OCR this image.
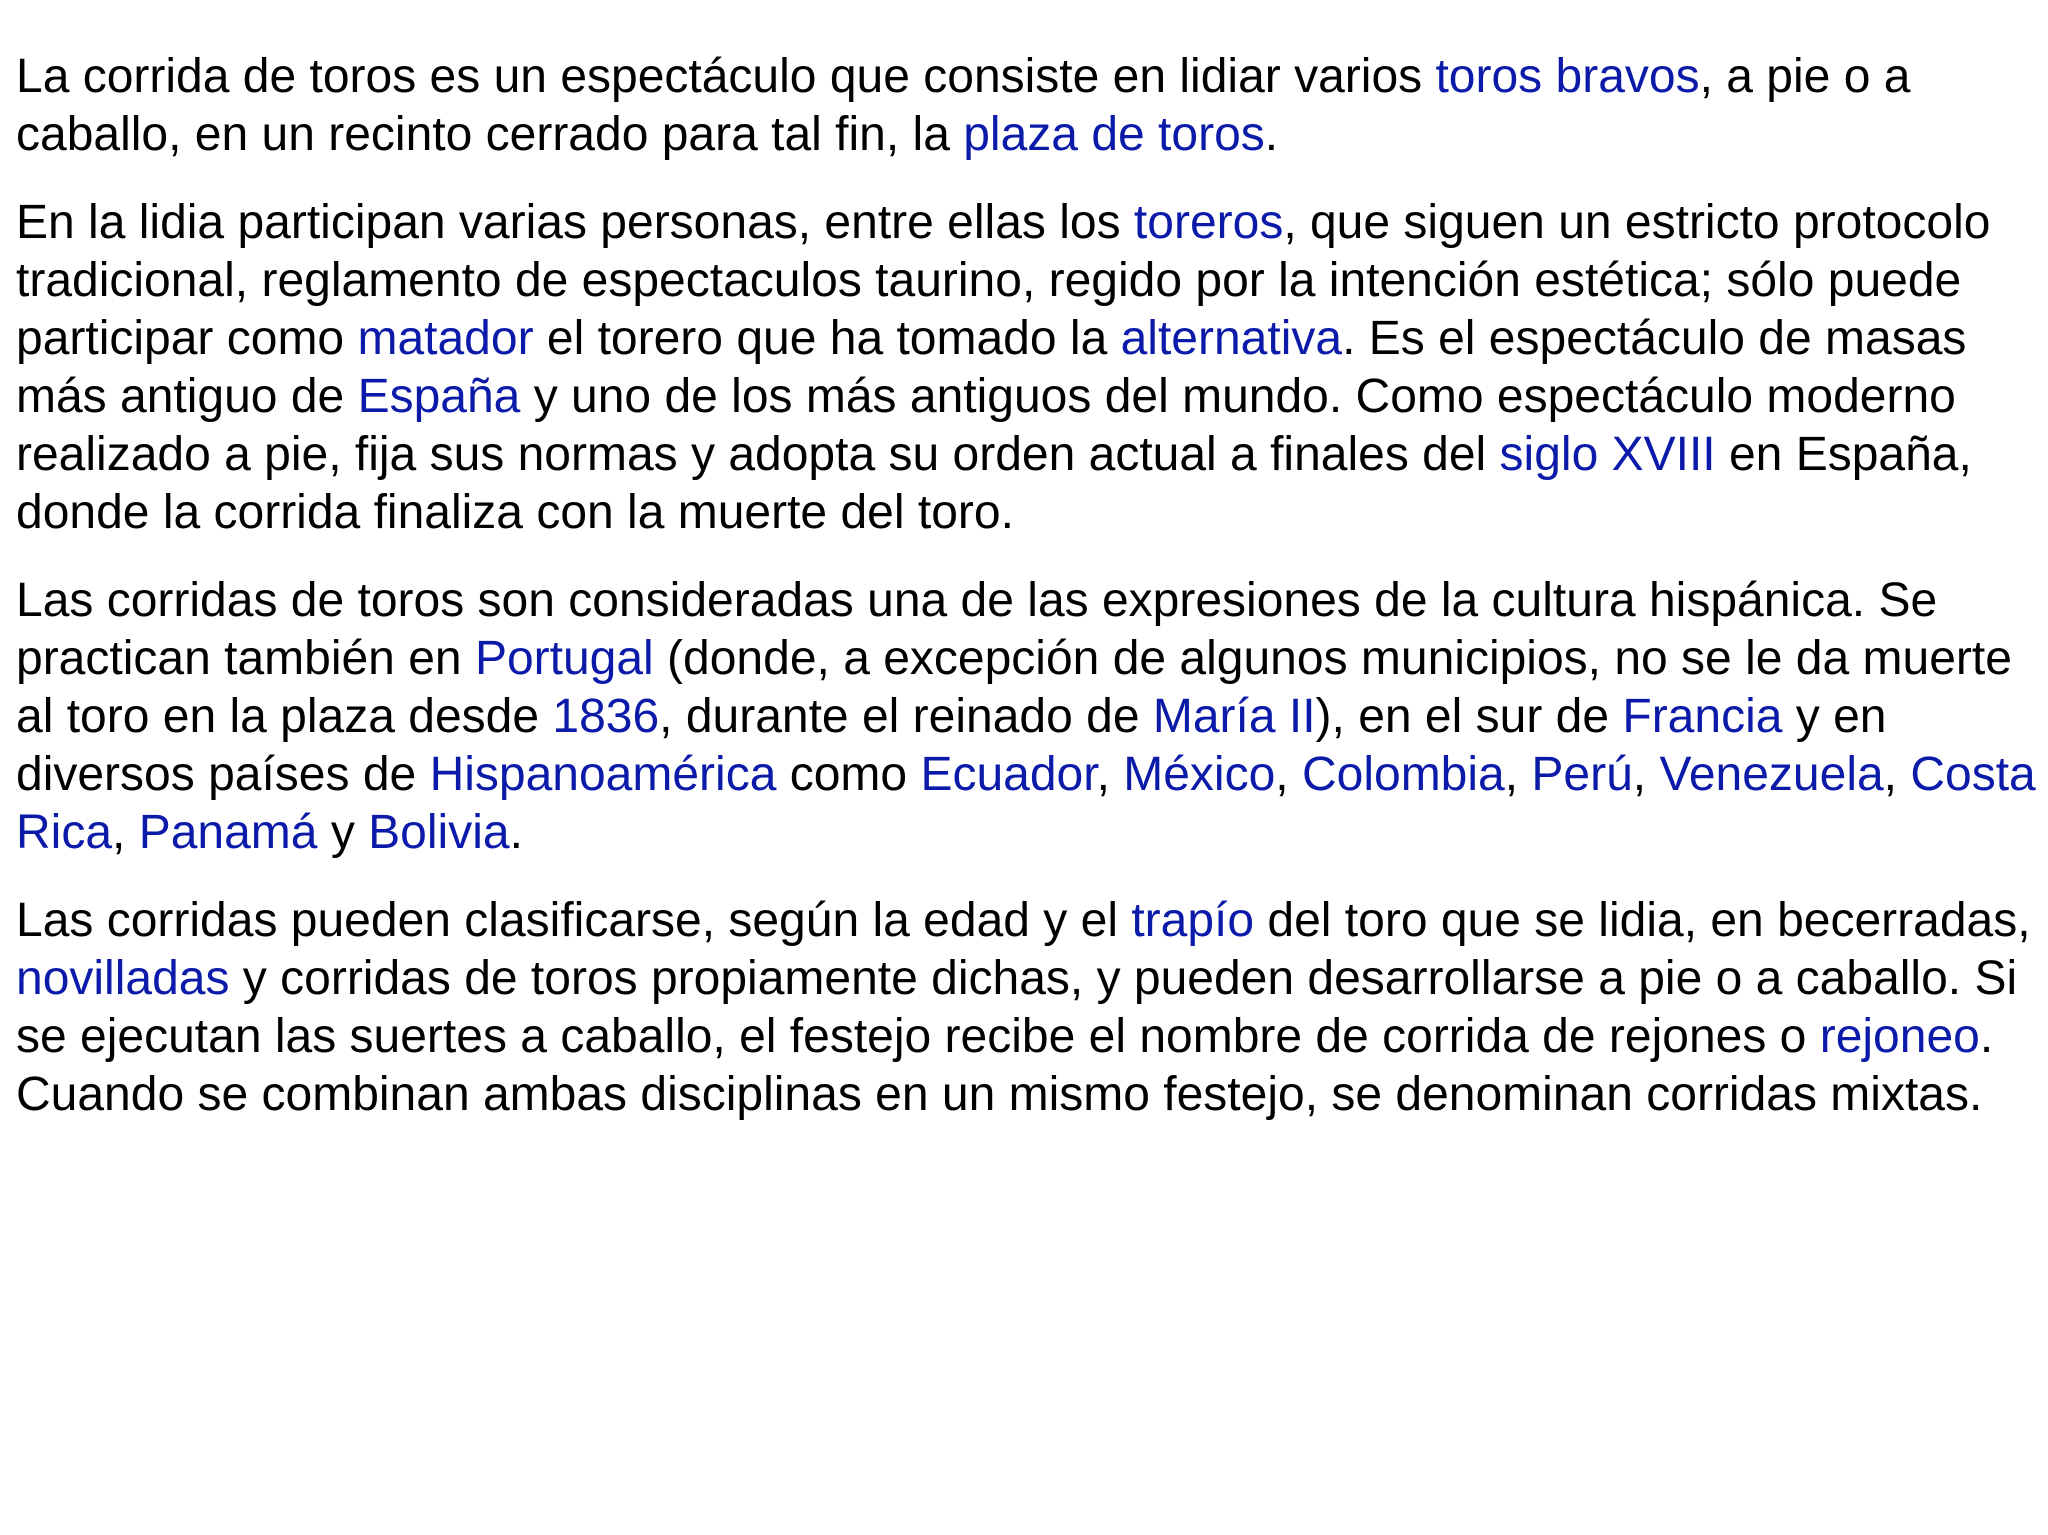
La corrida de toros es un espectáculo que consiste en lidiar varios toros bravos, a pie o a caballo, en un recinto cerrado para tal fin, la plaza de toros.

En la lidia participan varias personas, entre ellas los toreros, que siguen un estricto protocolo tradicional, reglamento de espectaculos taurino, regido por la intención estética; sólo puede participar como matador el torero que ha tomado la alternativa. Es el espectáculo de masas más antiguo de España y uno de los más antiguos del mundo. Como espectáculo moderno realizado a pie, fija sus normas y adopta su orden actual a finales del siglo XVIII en España, donde la corrida finaliza con la muerte del toro.

Las corridas de toros son consideradas una de las expresiones de la cultura hispánica. Se practican también en Portugal (donde, a excepción de algunos municipios, no se le da muerte al toro en la plaza desde 1836, durante el reinado de María II), en el sur de Francia y en diversos países de Hispanoamérica como Ecuador, México, Colombia, Perú, Venezuela, Costa Rica, Panamá y Bolivia.

Las corridas pueden clasificarse, según la edad y el trapío del toro que se lidia, en becerradas, novilladas y corridas de toros propiamente dichas, y pueden desarrollarse a pie o a caballo. Si se ejecutan las suertes a caballo, el festejo recibe el nombre de corrida de rejones o rejoneo. Cuando se combinan ambas disciplinas en un mismo festejo, se denominan corridas mixtas.
